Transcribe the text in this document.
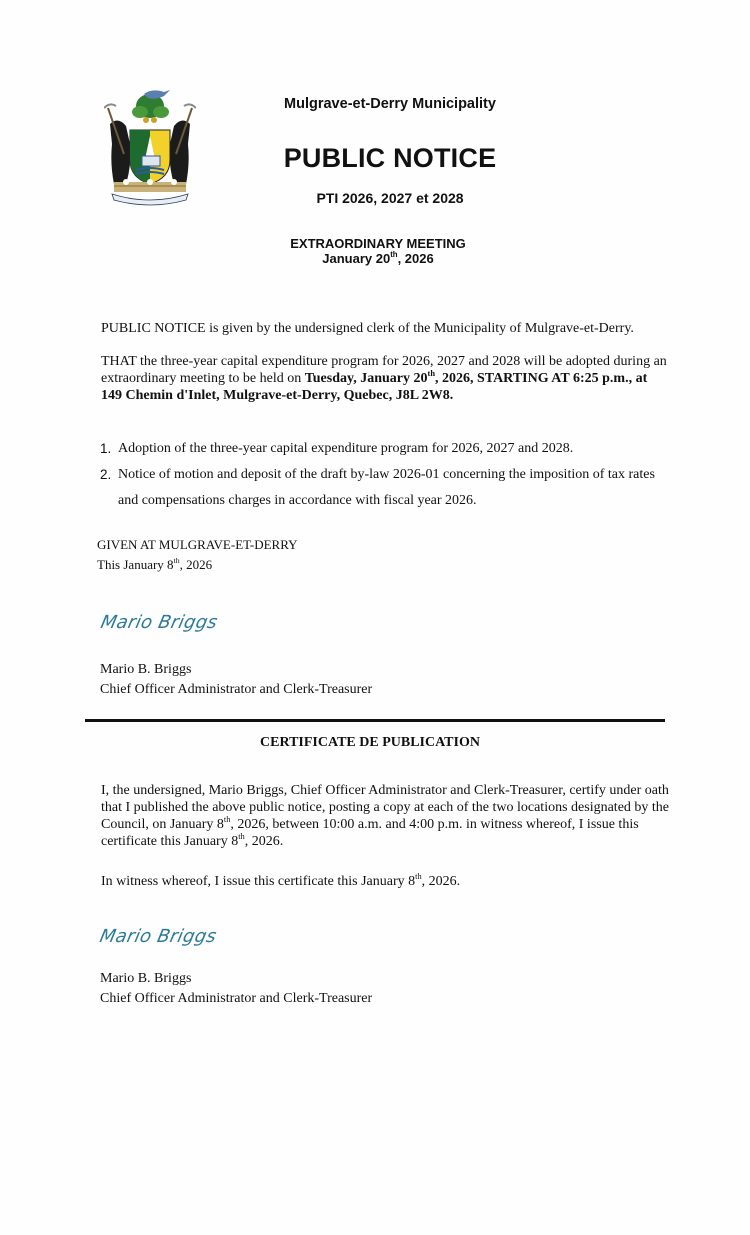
Mulgrave-et-Derry Municipality
PUBLIC NOTICE
PTI 2026, 2027 et 2028
EXTRAORDINARY MEETING
January 20th, 2026
PUBLIC NOTICE is given by the undersigned clerk of the Municipality of Mulgrave-et-Derry.
THAT the three-year capital expenditure program for 2026, 2027 and 2028 will be adopted during an extraordinary meeting to be held on Tuesday, January 20th, 2026, STARTING AT 6:25 p.m., at 149 Chemin d'Inlet, Mulgrave-et-Derry, Quebec, J8L 2W8.
1. Adoption of the three-year capital expenditure program for 2026, 2027 and 2028.
2. Notice of motion and deposit of the draft by-law 2026-01 concerning the imposition of tax rates and compensations charges in accordance with fiscal year 2026.
GIVEN AT MULGRAVE-ET-DERRY
This January 8th, 2026
Mario Briggs
Mario B. Briggs
Chief Officer Administrator and Clerk-Treasurer
CERTIFICATE DE PUBLICATION
I, the undersigned, Mario Briggs, Chief Officer Administrator and Clerk-Treasurer, certify under oath that I published the above public notice, posting a copy at each of the two locations designated by the Council, on January 8th, 2026, between 10:00 a.m. and 4:00 p.m. in witness whereof, I issue this certificate this January 8th, 2026.
In witness whereof, I issue this certificate this January 8th, 2026.
Mario Briggs
Mario B. Briggs
Chief Officer Administrator and Clerk-Treasurer
